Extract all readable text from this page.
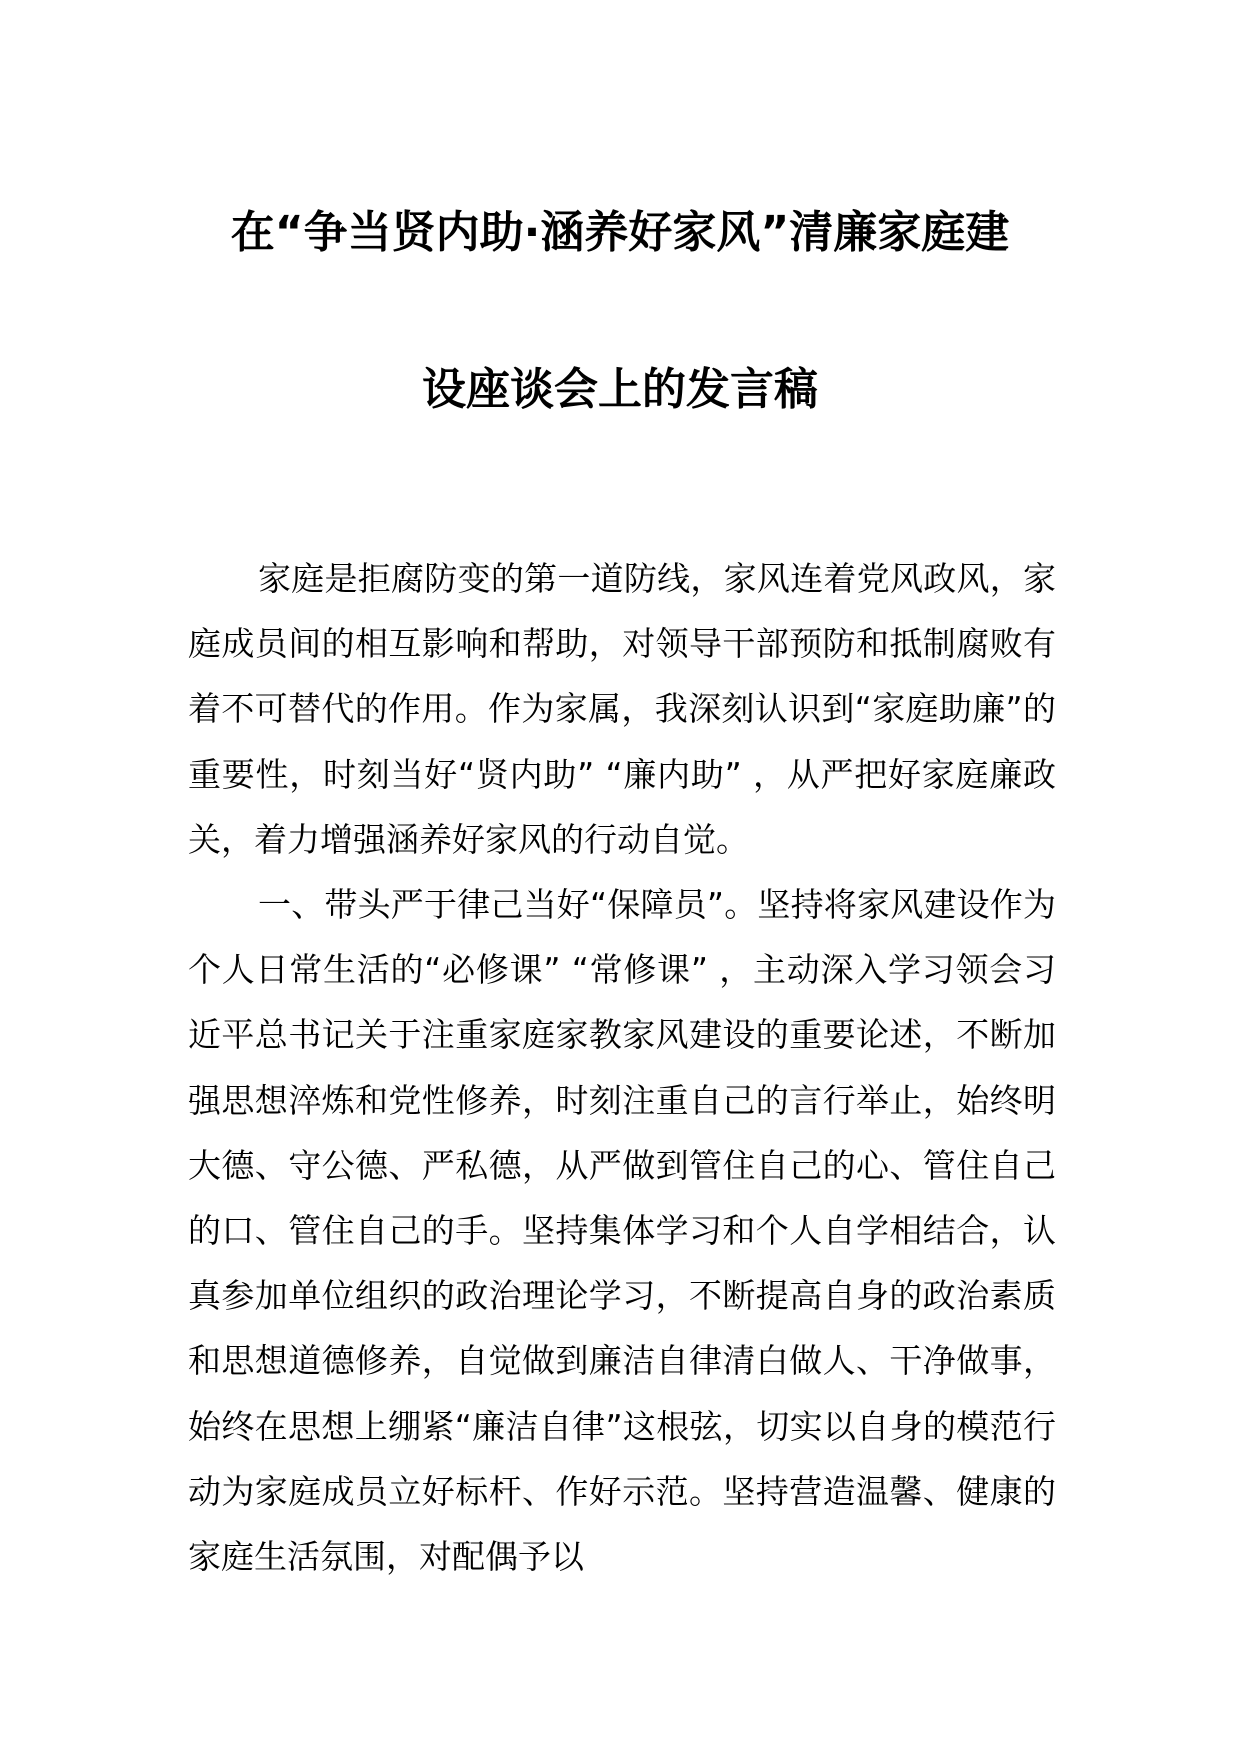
在“争当贤内助·涵养好家风”清廉家庭建
设座谈会上的发言稿

家庭是拒腐防变的第一道防线，家风连着党风政风，家庭成员间的相互影响和帮助，对领导干部预防和抵制腐败有着不可替代的作用。作为家属，我深刻认识到“家庭助廉”的重要性，时刻当好“贤内助” “廉内助” ，从严把好家庭廉政关，着力增强涵养好家风的行动自觉。

一、带头严于律己当好“保障员”。坚持将家风建设作为个人日常生活的“必修课” “常修课” ，主动深入学习领会习近平总书记关于注重家庭家教家风建设的重要论述，不断加强思想淬炼和党性修养，时刻注重自己的言行举止，始终明大德、守公德、严私德，从严做到管住自己的心、管住自己的口、管住自己的手。坚持集体学习和个人自学相结合，认真参加单位组织的政治理论学习，不断提高自身的政治素质和思想道德修养，自觉做到廉洁自律清白做人、干净做事，始终在思想上绷紧“廉洁自律”这根弦，切实以自身的模范行动为家庭成员立好标杆、作好示范。坚持营造温馨、健康的家庭生活氛围，对配偶予以
